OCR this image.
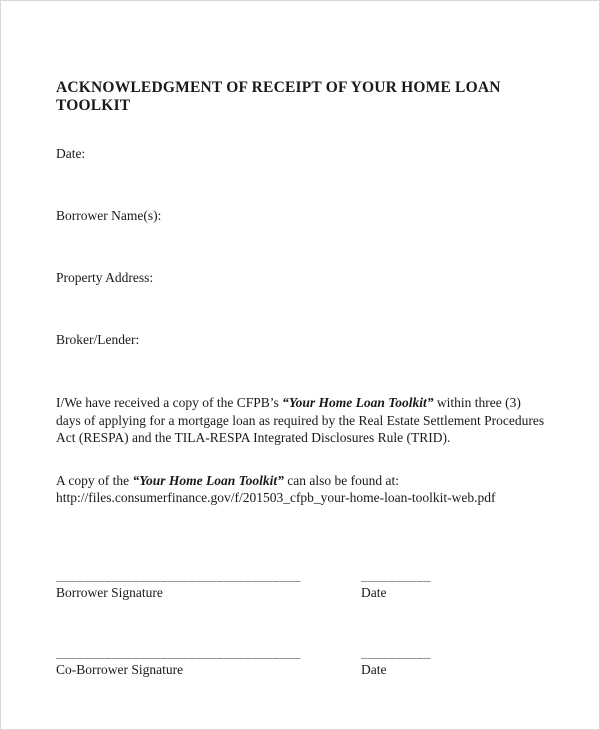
ACKNOWLEDGMENT OF RECEIPT OF YOUR HOME LOAN TOOLKIT

Date:

Borrower Name(s):

Property Address:

Broker/Lender:

I/We have received a copy of the CFPB’s “Your Home Loan Toolkit” within three (3) days of applying for a mortgage loan as required by the Real Estate Settlement Procedures Act (RESPA) and the TILA-RESPA Integrated Disclosures Rule (TRID).

A copy of the “Your Home Loan Toolkit” can also be found at:
http://files.consumerfinance.gov/f/201503_cfpb_your-home-loan-toolkit-web.pdf

___________________________________
Borrower Signature
__________
Date
___________________________________
Co-Borrower Signature
__________
Date
